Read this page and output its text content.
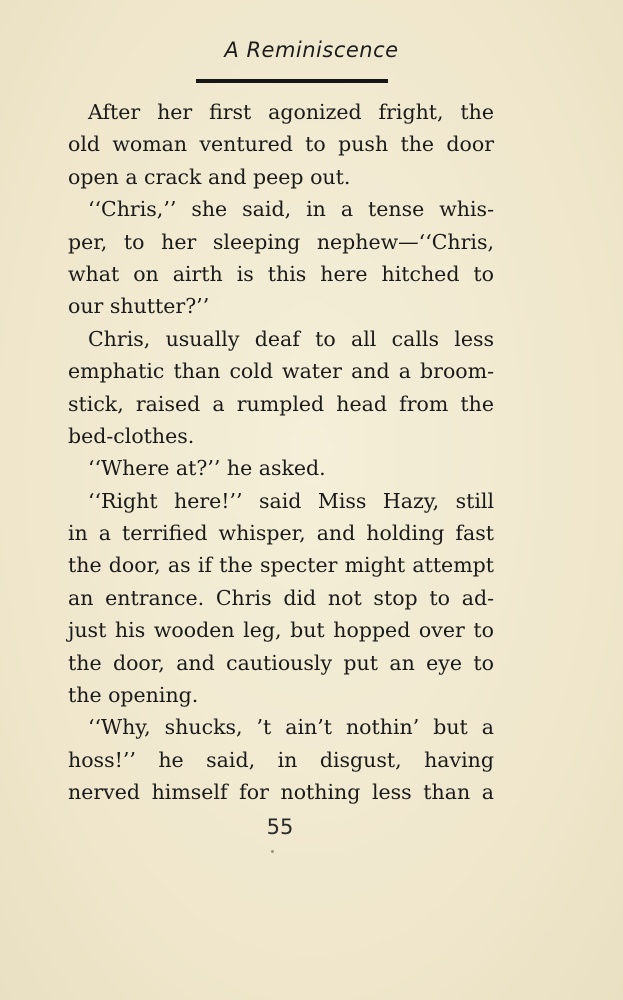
A Reminiscence
After her first agonized fright, the
old woman ventured to push the door
open a crack and peep out.
‘‘Chris,’’ she said, in a tense whis-
per, to her sleeping nephew—‘‘Chris,
what on airth is this here hitched to
our shutter?’’
Chris, usually deaf to all calls less
emphatic than cold water and a broom-
stick, raised a rumpled head from the
bed-clothes.
‘‘Where at?’’ he asked.
‘‘Right here!’’ said Miss Hazy, still
in a terrified whisper, and holding fast
the door, as if the specter might attempt
an entrance. Chris did not stop to ad-
just his wooden leg, but hopped over to
the door, and cautiously put an eye to
the opening.
‘‘Why, shucks, ’t ain’t nothin’ but a
hoss!’’ he said, in disgust, having
nerved himself for nothing less than a
55
